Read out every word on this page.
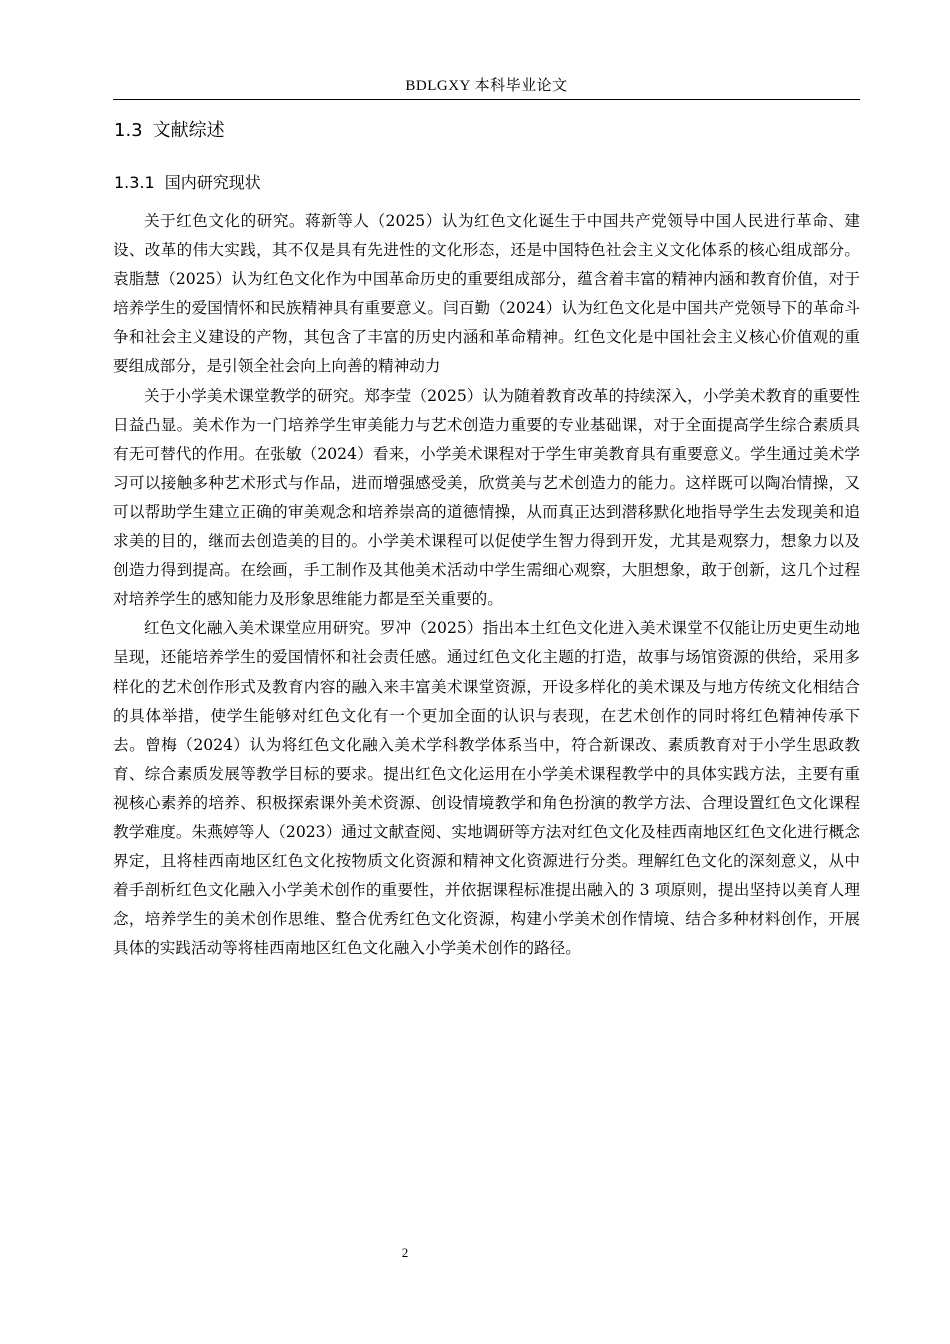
BDLGXY 本科毕业论文
1.3 文献综述
1.3.1 国内研究现状

关于红色文化的研究。蒋新等人（2025）认为红色文化诞生于中国共产党领导中国人民进行革命、建设、改革的伟大实践，其不仅是具有先进性的文化形态，还是中国特色社会主义文化体系的核心组成部分。袁脂慧（2025）认为红色文化作为中国革命历史的重要组成部分，蕴含着丰富的精神内涵和教育价值，对于培养学生的爱国情怀和民族精神具有重要意义。闫百勤（2024）认为红色文化是中国共产党领导下的革命斗争和社会主义建设的产物，其包含了丰富的历史内涵和革命精神。红色文化是中国社会主义核心价值观的重要组成部分，是引领全社会向上向善的精神动力

关于小学美术课堂教学的研究。郑李莹（2025）认为随着教育改革的持续深入，小学美术教育的重要性日益凸显。美术作为一门培养学生审美能力与艺术创造力重要的专业基础课，对于全面提高学生综合素质具有无可替代的作用。在张敏（2024）看来，小学美术课程对于学生审美教育具有重要意义。学生通过美术学习可以接触多种艺术形式与作品，进而增强感受美，欣赏美与艺术创造力的能力。这样既可以陶冶情操，又可以帮助学生建立正确的审美观念和培养崇高的道德情操，从而真正达到潜移默化地指导学生去发现美和追求美的目的，继而去创造美的目的。小学美术课程可以促使学生智力得到开发，尤其是观察力，想象力以及创造力得到提高。在绘画，手工制作及其他美术活动中学生需细心观察，大胆想象，敢于创新，这几个过程对培养学生的感知能力及形象思维能力都是至关重要的。

红色文化融入美术课堂应用研究。罗冲（2025）指出本土红色文化进入美术课堂不仅能让历史更生动地呈现，还能培养学生的爱国情怀和社会责任感。通过红色文化主题的打造，故事与场馆资源的供给，采用多样化的艺术创作形式及教育内容的融入来丰富美术课堂资源，开设多样化的美术课及与地方传统文化相结合的具体举措，使学生能够对红色文化有一个更加全面的认识与表现，在艺术创作的同时将红色精神传承下去。曾梅（2024）认为将红色文化融入美术学科教学体系当中，符合新课改、素质教育对于小学生思政教育、综合素质发展等教学目标的要求。提出红色文化运用在小学美术课程教学中的具体实践方法，主要有重视核心素养的培养、积极探索课外美术资源、创设情境教学和角色扮演的教学方法、合理设置红色文化课程教学难度。朱燕婷等人（2023）通过文献查阅、实地调研等方法对红色文化及桂西南地区红色文化进行概念界定，且将桂西南地区红色文化按物质文化资源和精神文化资源进行分类。理解红色文化的深刻意义，从中着手剖析红色文化融入小学美术创作的重要性，并依据课程标准提出融入的 3 项原则，提出坚持以美育人理念，培养学生的美术创作思维、整合优秀红色文化资源，构建小学美术创作情境、结合多种材料创作，开展具体的实践活动等将桂西南地区红色文化融入小学美术创作的路径。

2
